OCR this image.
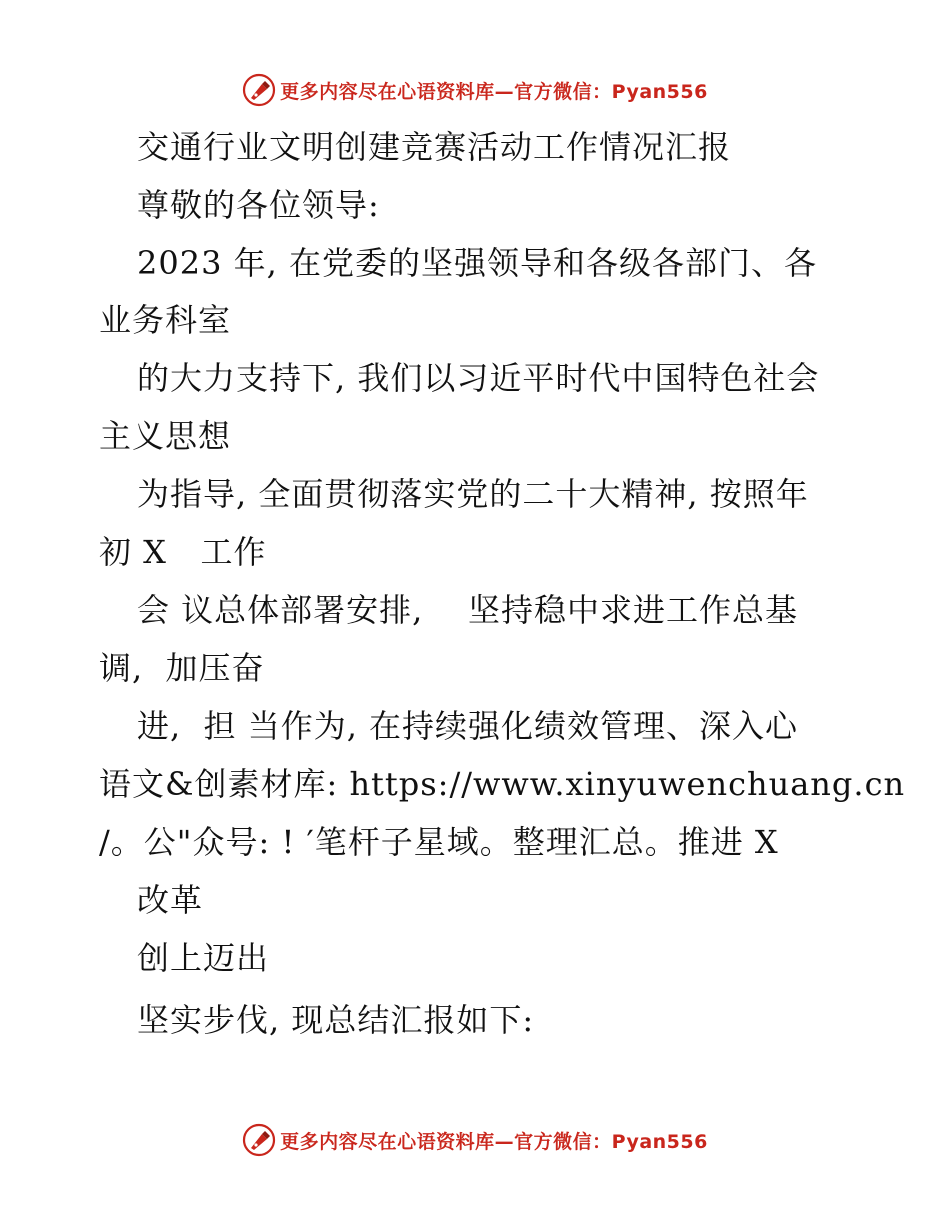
更多内容尽在心语资料库—官方微信：Pyan556
交通行业文明创建竞赛活动工作情况汇报
尊敬的各位领导:
2023 年, 在党委的坚强领导和各级各部门、各
业务科室
的大力支持下, 我们以习近平时代中国特色社会
主义思想
为指导, 全面贯彻落实党的二十大精神, 按照年
初 X   工作
会 议总体部署安排,    坚持稳中求进工作总基
调,  加压奋
进,  担 当作为, 在持续强化绩效管理、深入心
语文&创素材库: https://www.xinyuwenchuang.cn
/。公"众号: ! ′笔杆子星域。整理汇总。推进 X
改革
创上迈出
坚实步伐, 现总结汇报如下:
更多内容尽在心语资料库—官方微信：Pyan556
